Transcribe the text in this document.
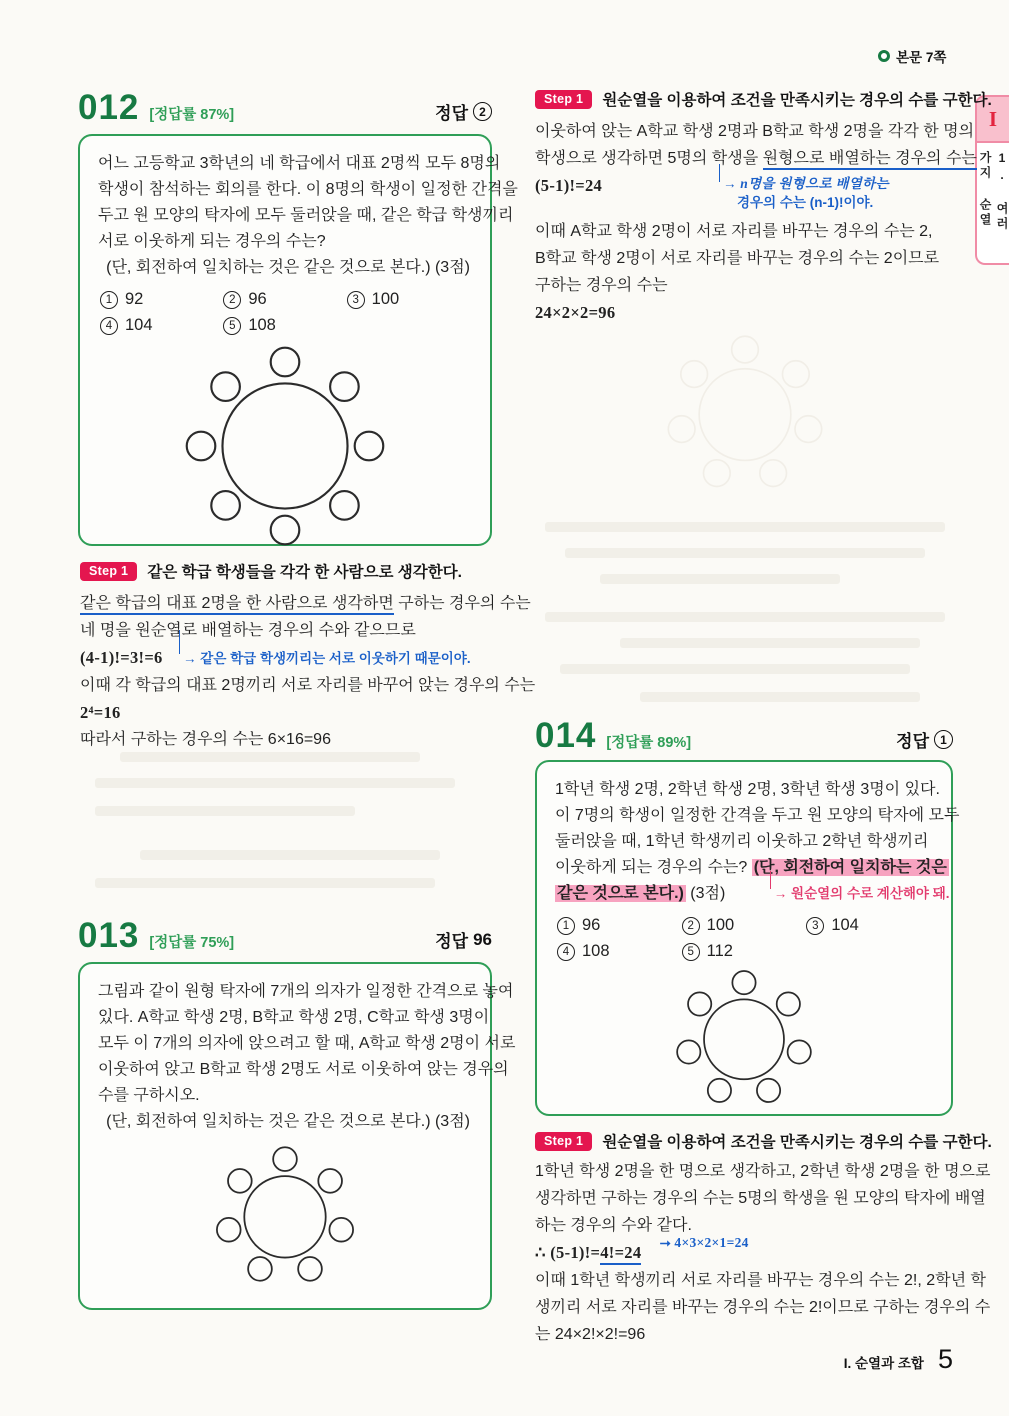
본문 7쪽
I
1. 여러 가지 순열
012 [정답률 87%]	정답 2
어느 고등학교 3학년의 네 학급에서 대표 2명씩 모두 8명의
학생이 참석하는 회의를 한다. 이 8명의 학생이 일정한 간격을
두고 원 모양의 탁자에 모두 둘러앉을 때, 같은 학급 학생끼리
서로 이웃하게 되는 경우의 수는?
(단, 회전하여 일치하는 것은 같은 것으로 본다.) (3점)
1 92	2 96	3 100
4 104	5 108
Step 1	같은 학급 학생들을 각각 한 사람으로 생각한다.
같은 학급의 대표 2명을 한 사람으로 생각하면 구하는 경우의 수는
네 명을 원순열로 배열하는 경우의 수와 같으므로
(4-1)!=3!=6 → 같은 학급 학생끼리는 서로 이웃하기 때문이야.
이때 각 학급의 대표 2명끼리 서로 자리를 바꾸어 앉는 경우의 수는
2⁴=16
따라서 구하는 경우의 수는 6×16=96
013 [정답률 75%]	정답 96
그림과 같이 원형 탁자에 7개의 의자가 일정한 간격으로 놓여
있다. A학교 학생 2명, B학교 학생 2명, C학교 학생 3명이
모두 이 7개의 의자에 앉으려고 할 때, A학교 학생 2명이 서로
이웃하여 앉고 B학교 학생 2명도 서로 이웃하여 앉는 경우의
수를 구하시오.
(단, 회전하여 일치하는 것은 같은 것으로 본다.) (3점)
Step 1	원순열을 이용하여 조건을 만족시키는 경우의 수를 구한다.
이웃하여 앉는 A학교 학생 2명과 B학교 학생 2명을 각각 한 명의
학생으로 생각하면 5명의 학생을 원형으로 배열하는 경우의 수는
(5-1)!=24	→ n명을 원형으로 배열하는
경우의 수는 (n-1)!이야.
이때 A학교 학생 2명이 서로 자리를 바꾸는 경우의 수는 2,
B학교 학생 2명이 서로 자리를 바꾸는 경우의 수는 2이므로
구하는 경우의 수는
24×2×2=96
014 [정답률 89%]	정답 1
1학년 학생 2명, 2학년 학생 2명, 3학년 학생 3명이 있다.
이 7명의 학생이 일정한 간격을 두고 원 모양의 탁자에 모두
둘러앉을 때, 1학년 학생끼리 이웃하고 2학년 학생끼리
이웃하게 되는 경우의 수는? (단, 회전하여 일치하는 것은
같은 것으로 본다.) (3점)	→ 원순열의 수로 계산해야 돼.
1 96	2 100	3 104
4 108	5 112
Step 1	원순열을 이용하여 조건을 만족시키는 경우의 수를 구한다.
1학년 학생 2명을 한 명으로 생각하고, 2학년 학생 2명을 한 명으로
생각하면 구하는 경우의 수는 5명의 학생을 원 모양의 탁자에 배열
하는 경우의 수와 같다.
∴ (5-1)!=4!=24 $^{⭢ 4\times 3\times 2\times 1=24}$
이때 1학년 학생끼리 서로 자리를 바꾸는 경우의 수는 2!, 2학년 학
생끼리 서로 자리를 바꾸는 경우의 수는 2!이므로 구하는 경우의 수
는 24×2!×2!=96
I. 순열과 조합 5
